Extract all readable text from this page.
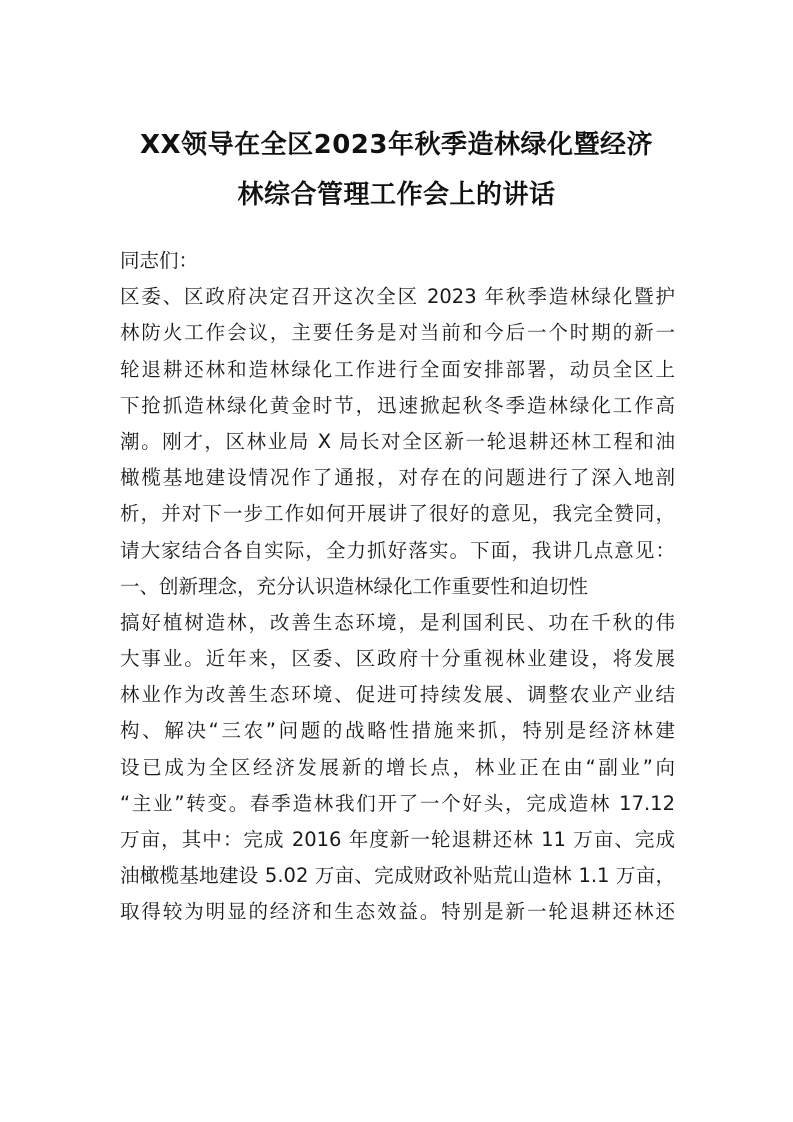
XX领导在全区2023年秋季造林绿化暨经济
林综合管理工作会上的讲话
同志们：
区委、区政府决定召开这次全区 2023 年秋季造林绿化暨护
林防火工作会议，主要任务是对当前和今后一个时期的新一
轮退耕还林和造林绿化工作进行全面安排部署，动员全区上
下抢抓造林绿化黄金时节，迅速掀起秋冬季造林绿化工作高
潮。刚才，区林业局 X 局长对全区新一轮退耕还林工程和油
橄榄基地建设情况作了通报，对存在的问题进行了深入地剖
析，并对下一步工作如何开展讲了很好的意见，我完全赞同，
请大家结合各自实际，全力抓好落实。下面，我讲几点意见：
一、创新理念，充分认识造林绿化工作重要性和迫切性
搞好植树造林，改善生态环境，是利国利民、功在千秋的伟
大事业。近年来，区委、区政府十分重视林业建设，将发展
林业作为改善生态环境、促进可持续发展、调整农业产业结
构、解决“三农”问题的战略性措施来抓，特别是经济林建
设已成为全区经济发展新的增长点，林业正在由“副业”向
“主业”转变。春季造林我们开了一个好头，完成造林 17.12
万亩，其中：完成 2016 年度新一轮退耕还林 11 万亩、完成
油橄榄基地建设 5.02 万亩、完成财政补贴荒山造林 1.1 万亩，
取得较为明显的经济和生态效益。特别是新一轮退耕还林还
